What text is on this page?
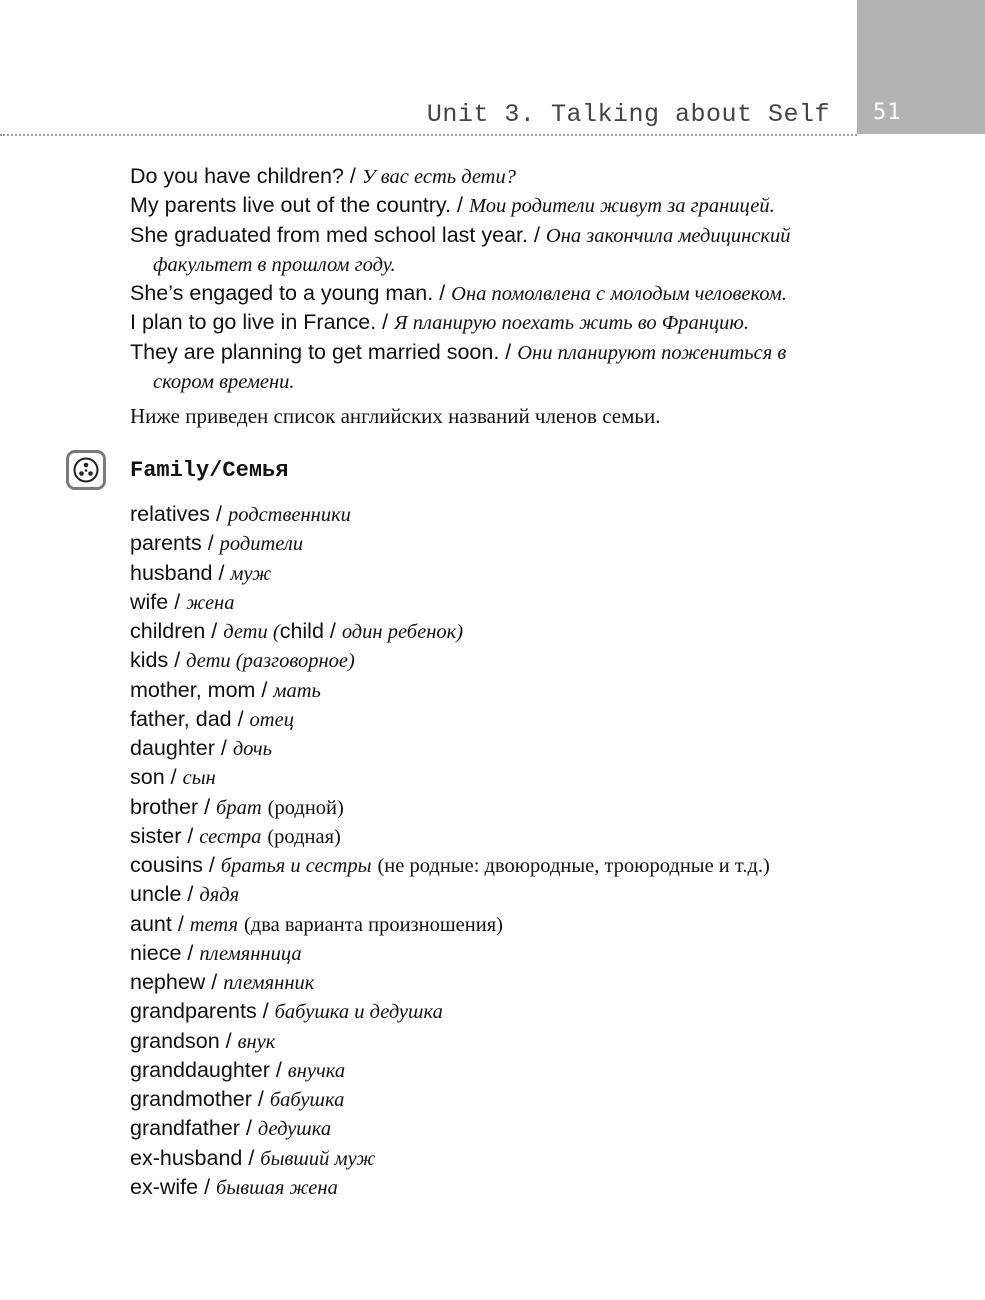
51
Unit 3. Talking about Self
Do you have children? / У вас есть дети?
My parents live out of the country. / Мои родители живут за границей.
She graduated from med school last year. / Она закончила медицинский
факультет в прошлом году.
She’s engaged to a young man. / Она помолвлена с молодым человеком.
I plan to go live in France. / Я планирую поехать жить во Францию.
They are planning to get married soon. / Они планируют пожениться в
скором времени.
Ниже приведен список английских названий членов семьи.
Family/Семья
relatives / родственники
parents / родители
husband / муж
wife / жена
children / дети (child / один ребенок)
kids / дети (разговорное)
mother, mom / мать
father, dad / отец
daughter / дочь
son / сын
brother / брат (родной)
sister / сестра (родная)
cousins / братья и сестры (не родные: двоюродные, троюродные и т.д.)
uncle / дядя
aunt / тетя (два варианта произношения)
niece / племянница
nephew / племянник
grandparents / бабушка и дедушка
grandson / внук
granddaughter / внучка
grandmother / бабушка
grandfather / дедушка
ex-husband / бывший муж
ex-wife / бывшая жена
